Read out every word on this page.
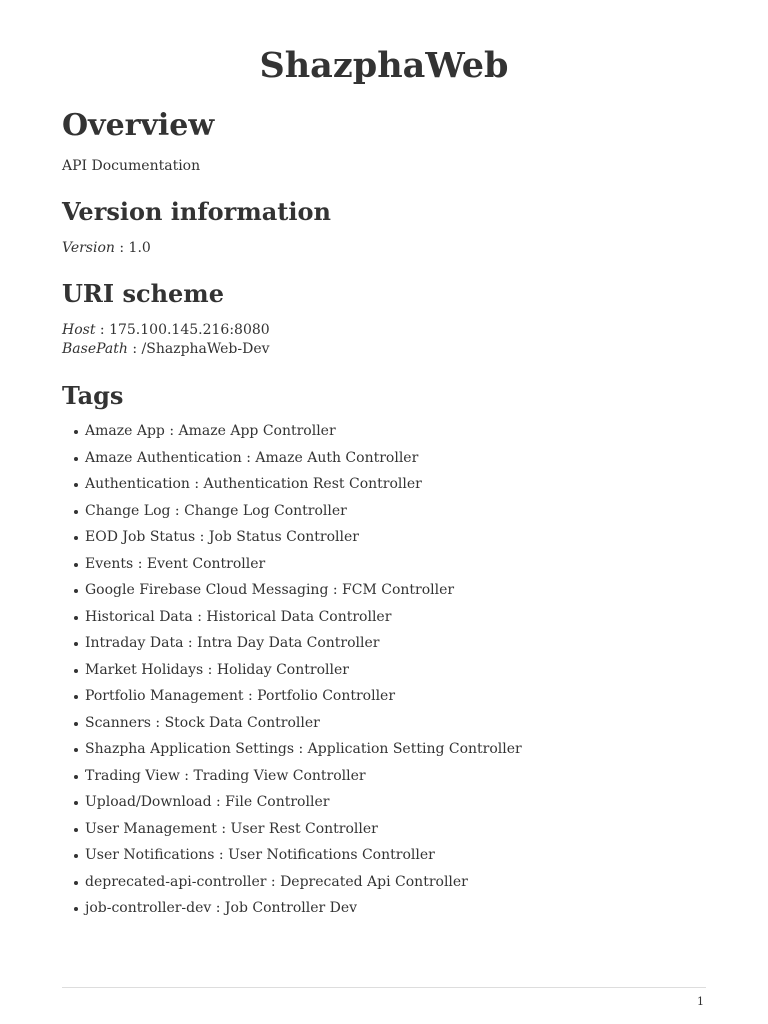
ShazphaWeb
Overview

API Documentation

Version information

Version : 1.0

URI scheme

Host : 175.100.145.216:8080
BasePath : /ShazphaWeb-Dev

Tags
Amaze App : Amaze App Controller
Amaze Authentication : Amaze Auth Controller
Authentication : Authentication Rest Controller
Change Log : Change Log Controller
EOD Job Status : Job Status Controller
Events : Event Controller
Google Firebase Cloud Messaging : FCM Controller
Historical Data : Historical Data Controller
Intraday Data : Intra Day Data Controller
Market Holidays : Holiday Controller
Portfolio Management : Portfolio Controller
Scanners : Stock Data Controller
Shazpha Application Settings : Application Setting Controller
Trading View : Trading View Controller
Upload/Download : File Controller
User Management : User Rest Controller
User Notifications : User Notifications Controller
deprecated-api-controller : Deprecated Api Controller
job-controller-dev : Job Controller Dev
1
